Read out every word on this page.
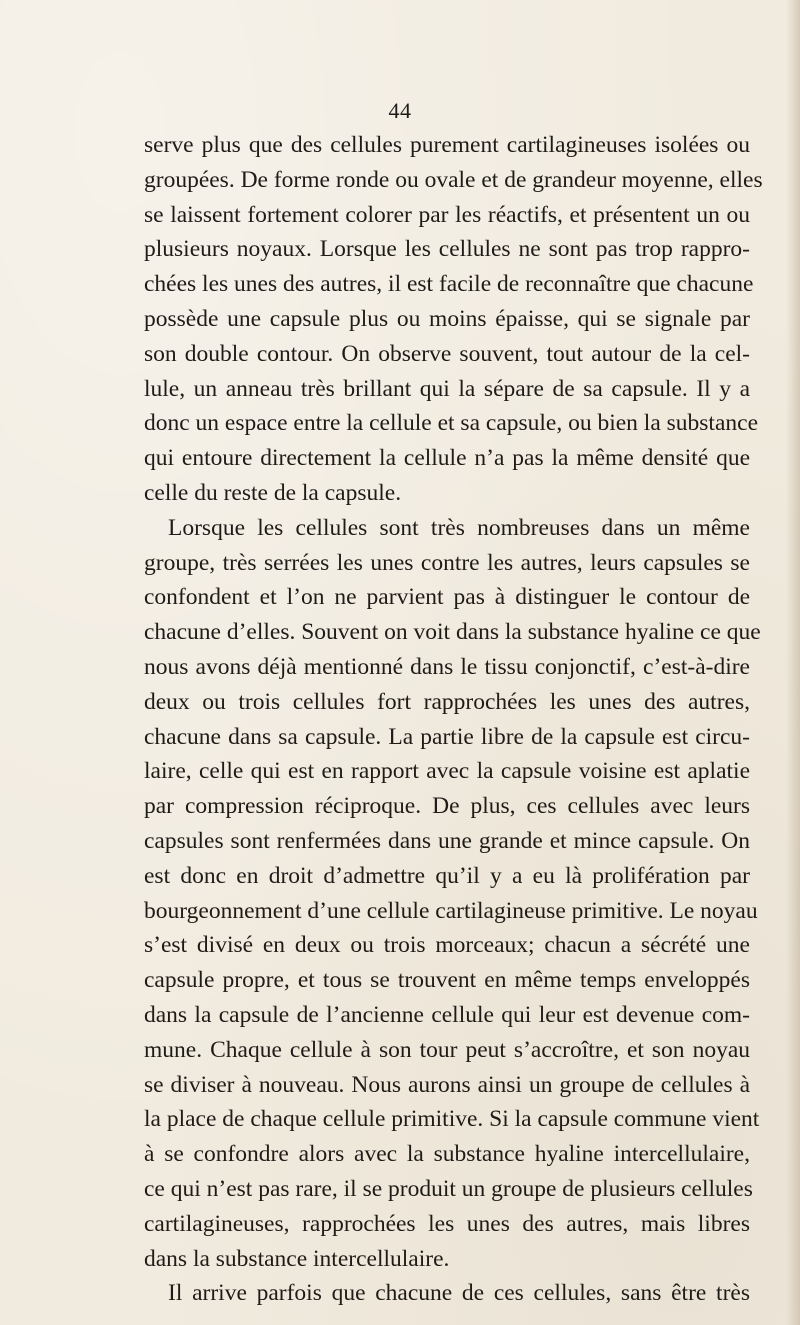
44

serve plus que des cellules purement cartilagineuses isolées ou
groupées. De forme ronde ou ovale et de grandeur moyenne, elles
se laissent fortement colorer par les réactifs, et présentent un ou
plusieurs noyaux. Lorsque les cellules ne sont pas trop rappro-
chées les unes des autres, il est facile de reconnaître que chacune
possède une capsule plus ou moins épaisse, qui se signale par
son double contour. On observe souvent, tout autour de la cel-
lule, un anneau très brillant qui la sépare de sa capsule. Il y a
donc un espace entre la cellule et sa capsule, ou bien la substance
qui entoure directement la cellule n’a pas la même densité que
celle du reste de la capsule.

Lorsque les cellules sont très nombreuses dans un même
groupe, très serrées les unes contre les autres, leurs capsules se
confondent et l’on ne parvient pas à distinguer le contour de
chacune d’elles. Souvent on voit dans la substance hyaline ce que
nous avons déjà mentionné dans le tissu conjonctif, c’est-à-dire
deux ou trois cellules fort rapprochées les unes des autres,
chacune dans sa capsule. La partie libre de la capsule est circu-
laire, celle qui est en rapport avec la capsule voisine est aplatie
par compression réciproque. De plus, ces cellules avec leurs
capsules sont renfermées dans une grande et mince capsule. On
est donc en droit d’admettre qu’il y a eu là prolifération par
bourgeonnement d’une cellule cartilagineuse primitive. Le noyau
s’est divisé en deux ou trois morceaux; chacun a sécrété une
capsule propre, et tous se trouvent en même temps enveloppés
dans la capsule de l’ancienne cellule qui leur est devenue com-
mune. Chaque cellule à son tour peut s’accroître, et son noyau
se diviser à nouveau. Nous aurons ainsi un groupe de cellules à
la place de chaque cellule primitive. Si la capsule commune vient
à se confondre alors avec la substance hyaline intercellulaire,
ce qui n’est pas rare, il se produit un groupe de plusieurs cellules
cartilagineuses, rapprochées les unes des autres, mais libres
dans la substance intercellulaire.

Il arrive parfois que chacune de ces cellules, sans être très
